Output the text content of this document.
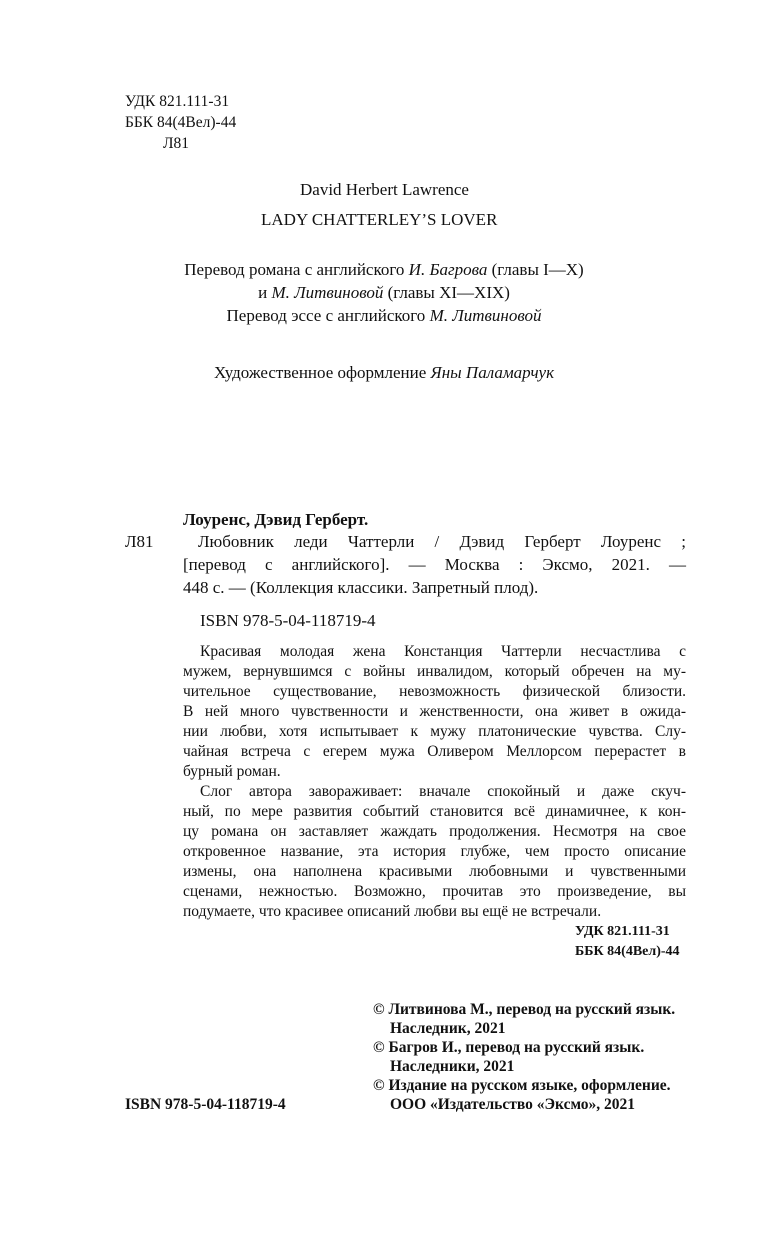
УДК 821.111-31
ББК 84(4Вел)-44
Л81
David Herbert Lawrence
LADY CHATTERLEY’S LOVER
Перевод романа с английского И. Багрова (главы I—X)
и М. Литвиновой (главы XI—XIX)
Перевод эссе с английского М. Литвиновой
Художественное оформление Яны Паламарчук
Лоуренс, Дэвид Герберт.
Л81	Любовник леди Чаттерли / Дэвид Герберт Лоуренс ;
[перевод с английского]. — Москва : Эксмо, 2021. —
448 с. — (Коллекция классики. Запретный плод).
ISBN 978-5-04-118719-4
Красивая молодая жена Констанция Чаттерли несчастлива с
мужем, вернувшимся с войны инвалидом, который обречен на му-
чительное существование, невозможность физической близости.
В ней много чувственности и женственности, она живет в ожида-
нии любви, хотя испытывает к мужу платонические чувства. Слу-
чайная встреча с егерем мужа Оливером Меллорсом перерастет в
бурный роман.
Слог автора завораживает: вначале спокойный и даже скуч-
ный, по мере развития событий становится всё динамичнее, к кон-
цу романа он заставляет жаждать продолжения. Несмотря на свое
откровенное название, эта история глубже, чем просто описание
измены, она наполнена красивыми любовными и чувственными
сценами, нежностью. Возможно, прочитав это произведение, вы
подумаете, что красивее описаний любви вы ещё не встречали.
УДК 821.111-31
ББК 84(4Вел)-44
© Литвинова М., перевод на русский язык.
Наследник, 2021
© Багров И., перевод на русский язык.
Наследники, 2021
© Издание на русском языке, оформление.
ООО «Издательство «Эксмо», 2021
ISBN 978-5-04-118719-4
